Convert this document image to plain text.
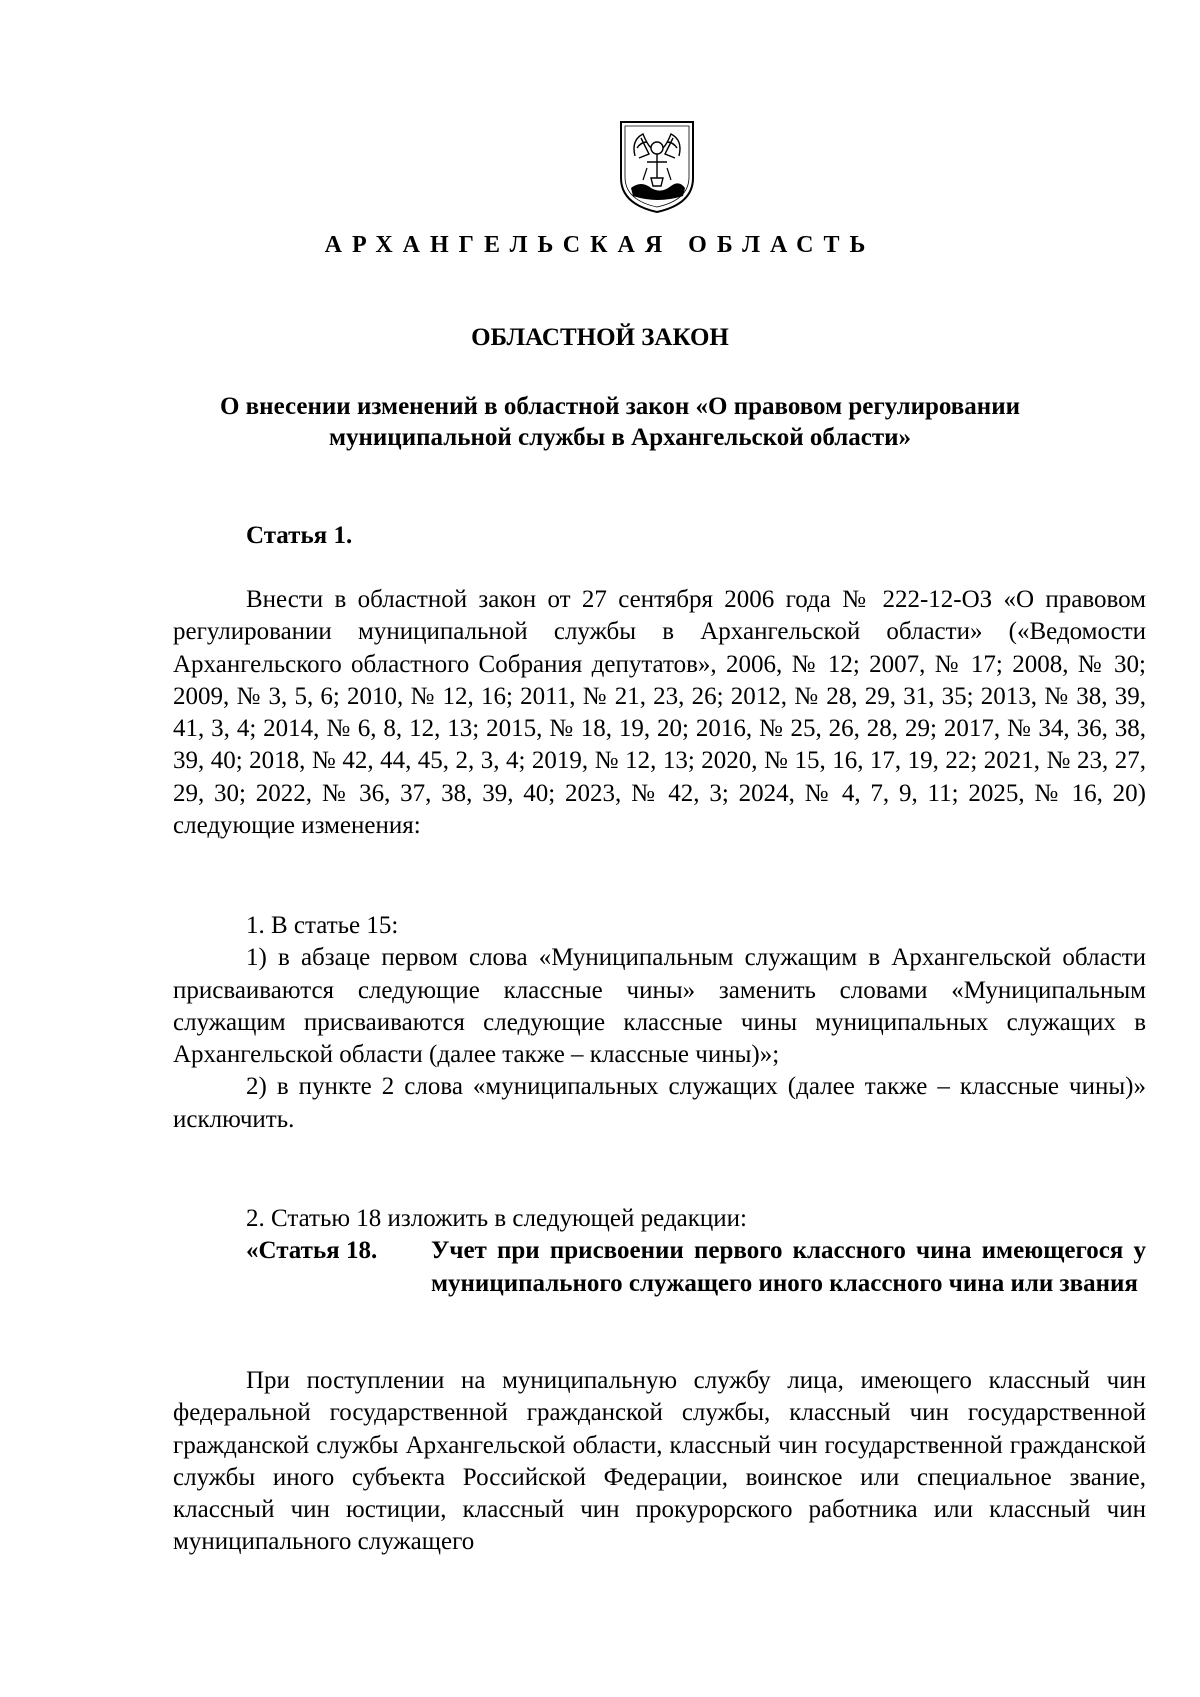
АРХАНГЕЛЬСКАЯ ОБЛАСТЬ
ОБЛАСТНОЙ ЗАКОН
О внесении изменений в областной закон «О правовом регулировании муниципальной службы в Архангельской области»
Статья 1.

Внести в областной закон от 27 сентября 2006 года № 222-12-ОЗ «О правовом регулировании муниципальной службы в Архангельской области» («Ведомости Архангельского областного Собрания депутатов», 2006, № 12; 2007, № 17; 2008, № 30; 2009, № 3, 5, 6; 2010, № 12, 16; 2011, № 21, 23, 26; 2012, № 28, 29, 31, 35; 2013, № 38, 39, 41, 3, 4; 2014, № 6, 8, 12, 13; 2015, № 18, 19, 20; 2016, № 25, 26, 28, 29; 2017, № 34, 36, 38, 39, 40; 2018, № 42, 44, 45, 2, 3, 4; 2019, № 12, 13; 2020, № 15, 16, 17, 19, 22; 2021, № 23, 27, 29, 30; 2022, № 36, 37, 38, 39, 40; 2023, № 42, 3; 2024, № 4, 7, 9, 11; 2025, № 16, 20) следующие изменения:

1. В статье 15:

1) в абзаце первом слова «Муниципальным служащим в Архангельской области присваиваются следующие классные чины» заменить словами «Муниципальным служащим присваиваются следующие классные чины муниципальных служащих в Архангельской области (далее также – классные чины)»;

2) в пункте 2 слова «муниципальных служащих (далее также – классные чины)» исключить.

2. Статью 18 изложить в следующей редакции:

«Статья 18.	Учет при присвоении первого классного чина имеющегося у муниципального служащего иного классного чина или звания

При поступлении на муниципальную службу лица, имеющего классный чин федеральной государственной гражданской службы, классный чин государственной гражданской службы Архангельской области, классный чин государственной гражданской службы иного субъекта Российской Федерации, воинское или специальное звание, классный чин юстиции, классный чин прокурорского работника или классный чин муниципального служащего
